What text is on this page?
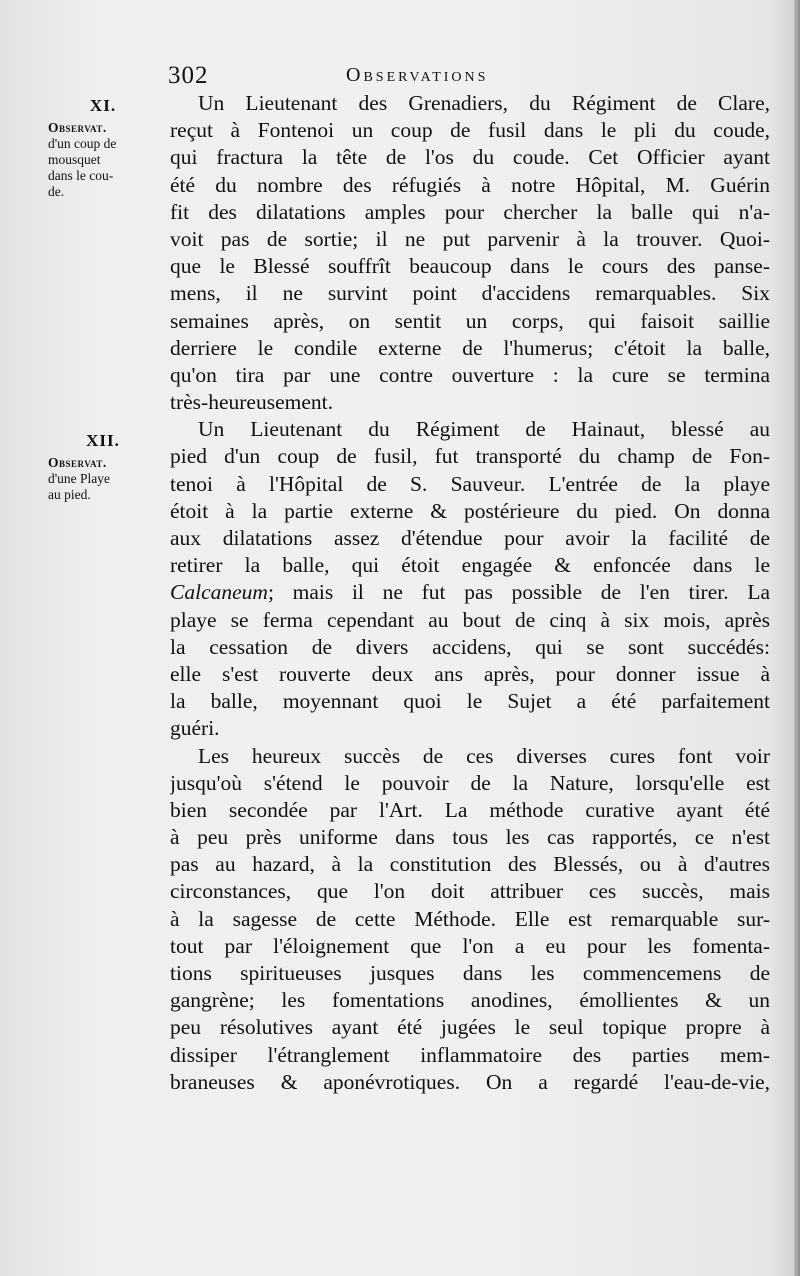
302	Observations
XI.
Observat.
d'un coup de
mousquet
dans le cou-
de.
XII.
Observat.
d'une Playe
au pied.

Un Lieutenant des Grenadiers, du Régiment de Clare,
reçut à Fontenoi un coup de fusil dans le pli du coude,
qui fractura la tête de l'os du coude. Cet Officier ayant
été du nombre des réfugiés à notre Hôpital, M. Guérin
fit des dilatations amples pour chercher la balle qui n'a-
voit pas de sortie; il ne put parvenir à la trouver. Quoi-
que le Blessé souffrît beaucoup dans le cours des panse-
mens, il ne survint point d'accidens remarquables. Six
semaines après, on sentit un corps, qui faisoit saillie
derriere le condile externe de l'humerus; c'étoit la balle,
qu'on tira par une contre ouverture : la cure se termina
très-heureusement.
Un Lieutenant du Régiment de Hainaut, blessé au
pied d'un coup de fusil, fut transporté du champ de Fon-
tenoi à l'Hôpital de S. Sauveur. L'entrée de la playe
étoit à la partie externe & postérieure du pied. On donna
aux dilatations assez d'étendue pour avoir la facilité de
retirer la balle, qui étoit engagée & enfoncée dans le
Calcaneum; mais il ne fut pas possible de l'en tirer. La
playe se ferma cependant au bout de cinq à six mois, après
la cessation de divers accidens, qui se sont succédés:
elle s'est rouverte deux ans après, pour donner issue à
la balle, moyennant quoi le Sujet a été parfaitement
guéri.
Les heureux succès de ces diverses cures font voir
jusqu'où s'étend le pouvoir de la Nature, lorsqu'elle est
bien secondée par l'Art. La méthode curative ayant été
à peu près uniforme dans tous les cas rapportés, ce n'est
pas au hazard, à la constitution des Blessés, ou à d'autres
circonstances, que l'on doit attribuer ces succès, mais
à la sagesse de cette Méthode. Elle est remarquable sur-
tout par l'éloignement que l'on a eu pour les fomenta-
tions spiritueuses jusques dans les commencemens de
gangrène; les fomentations anodines, émollientes & un
peu résolutives ayant été jugées le seul topique propre à
dissiper l'étranglement inflammatoire des parties mem-
braneuses & aponévrotiques. On a regardé l'eau-de-vie,
